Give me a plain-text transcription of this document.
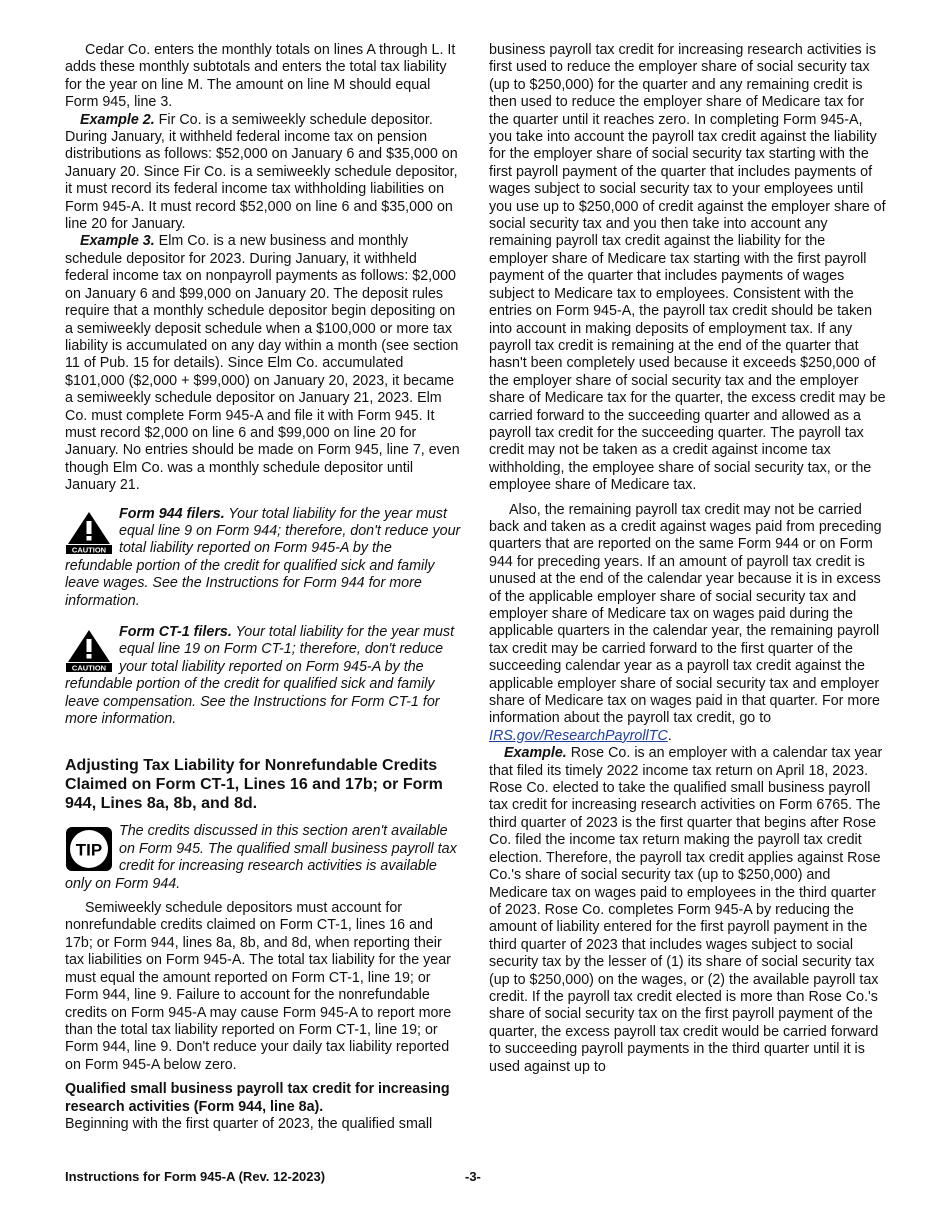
Cedar Co. enters the monthly totals on lines A through L. It adds these monthly subtotals and enters the total tax liability for the year on line M. The amount on line M should equal Form 945, line 3.

Example 2. Fir Co. is a semiweekly schedule depositor. During January, it withheld federal income tax on pension distributions as follows: $52,000 on January 6 and $35,000 on January 20. Since Fir Co. is a semiweekly schedule depositor, it must record its federal income tax withholding liabilities on Form 945-A. It must record $52,000 on line 6 and $35,000 on line 20 for January.

Example 3. Elm Co. is a new business and monthly schedule depositor for 2023. During January, it withheld federal income tax on nonpayroll payments as follows: $2,000 on January 6 and $99,000 on January 20. The deposit rules require that a monthly schedule depositor begin depositing on a semiweekly deposit schedule when a $100,000 or more tax liability is accumulated on any day within a month (see section 11 of Pub. 15 for details). Since Elm Co. accumulated $101,000 ($2,000 + $99,000) on January 20, 2023, it became a semiweekly schedule depositor on January 21, 2023. Elm Co. must complete Form 945-A and file it with Form 945. It must record $2,000 on line 6 and $99,000 on line 20 for January. No entries should be made on Form 945, line 7, even though Elm Co. was a monthly schedule depositor until January 21.

CAUTION
Form 944 filers. Your total liability for the year must equal line 9 on Form 944; therefore, don't reduce your total liability reported on Form 945-A by the refundable portion of the credit for qualified sick and family leave wages. See the Instructions for Form 944 for more information.
CAUTION
Form CT-1 filers. Your total liability for the year must equal line 19 on Form CT-1; therefore, don't reduce your total liability reported on Form 945-A by the refundable portion of the credit for qualified sick and family leave compensation. See the Instructions for Form CT-1 for more information.
Adjusting Tax Liability for Nonrefundable Credits Claimed on Form CT-1, Lines 16 and 17b; or Form 944, Lines 8a, 8b, and 8d.
TIP
The credits discussed in this section aren't available on Form 945. The qualified small business payroll tax credit for increasing research activities is available only on Form 944.

Semiweekly schedule depositors must account for nonrefundable credits claimed on Form CT-1, lines 16 and 17b; or Form 944, lines 8a, 8b, and 8d, when reporting their tax liabilities on Form 945-A. The total tax liability for the year must equal the amount reported on Form CT-1, line 19; or Form 944, line 9. Failure to account for the nonrefundable credits on Form 945-A may cause Form 945-A to report more than the total tax liability reported on Form CT-1, line 19; or Form 944, line 9. Don't reduce your daily tax liability reported on Form 945-A below zero.

Qualified small business payroll tax credit for increasing research activities (Form 944, line 8a).

Beginning with the first quarter of 2023, the qualified small

business payroll tax credit for increasing research activities is first used to reduce the employer share of social security tax (up to $250,000) for the quarter and any remaining credit is then used to reduce the employer share of Medicare tax for the quarter until it reaches zero. In completing Form 945-A, you take into account the payroll tax credit against the liability for the employer share of social security tax starting with the first payroll payment of the quarter that includes payments of wages subject to social security tax to your employees until you use up to $250,000 of credit against the employer share of social security tax and you then take into account any remaining payroll tax credit against the liability for the employer share of Medicare tax starting with the first payroll payment of the quarter that includes payments of wages subject to Medicare tax to employees. Consistent with the entries on Form 945-A, the payroll tax credit should be taken into account in making deposits of employment tax. If any payroll tax credit is remaining at the end of the quarter that hasn't been completely used because it exceeds $250,000 of the employer share of social security tax and the employer share of Medicare tax for the quarter, the excess credit may be carried forward to the succeeding quarter and allowed as a payroll tax credit for the succeeding quarter. The payroll tax credit may not be taken as a credit against income tax withholding, the employee share of social security tax, or the employee share of Medicare tax.

Also, the remaining payroll tax credit may not be carried back and taken as a credit against wages paid from preceding quarters that are reported on the same Form 944 or on Form 944 for preceding years. If an amount of payroll tax credit is unused at the end of the calendar year because it is in excess of the applicable employer share of social security tax and employer share of Medicare tax on wages paid during the applicable quarters in the calendar year, the remaining payroll tax credit may be carried forward to the first quarter of the succeeding calendar year as a payroll tax credit against the applicable employer share of social security tax and employer share of Medicare tax on wages paid in that quarter. For more information about the payroll tax credit, go to IRS.gov/ResearchPayrollTC.

Example. Rose Co. is an employer with a calendar tax year that filed its timely 2022 income tax return on April 18, 2023. Rose Co. elected to take the qualified small business payroll tax credit for increasing research activities on Form 6765. The third quarter of 2023 is the first quarter that begins after Rose Co. filed the income tax return making the payroll tax credit election. Therefore, the payroll tax credit applies against Rose Co.'s share of social security tax (up to $250,000) and Medicare tax on wages paid to employees in the third quarter of 2023. Rose Co. completes Form 945-A by reducing the amount of liability entered for the first payroll payment in the third quarter of 2023 that includes wages subject to social security tax by the lesser of (1) its share of social security tax (up to $250,000) on the wages, or (2) the available payroll tax credit. If the payroll tax credit elected is more than Rose Co.'s share of social security tax on the first payroll payment of the quarter, the excess payroll tax credit would be carried forward to succeeding payroll payments in the third quarter until it is used against up to

Instructions for Form 945-A (Rev. 12-2023)	-3-
